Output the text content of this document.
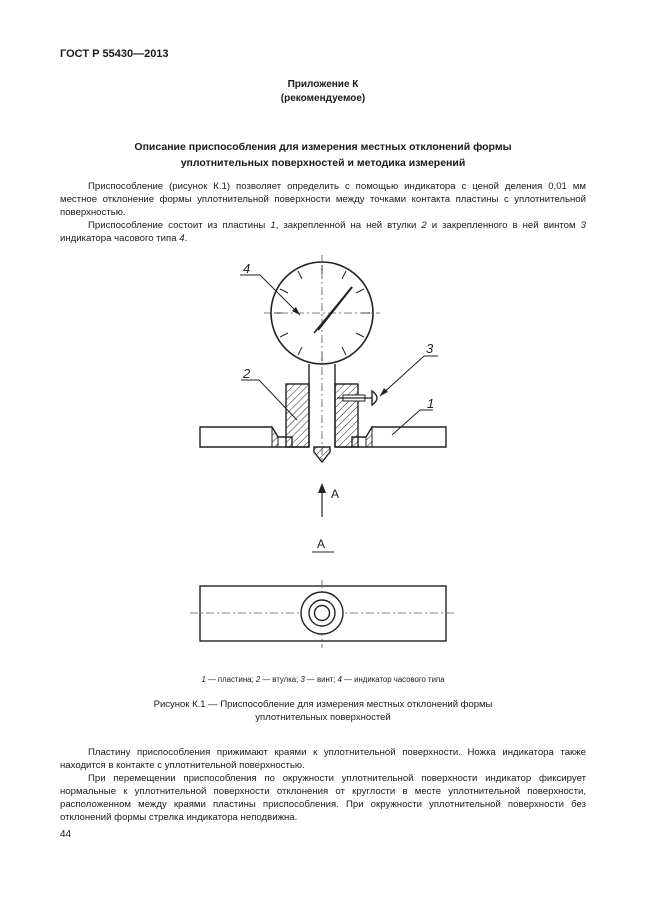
ГОСТ Р 55430—2013
Приложение К
(рекомендуемое)
Описание приспособления для измерения местных отклонений формы
уплотнительных поверхностей и методика измерений

Приспособление (рисунок К.1) позволяет определить с помощью индикатора с ценой деления 0,01 мм местное отклонение формы уплотнительной поверхности между точками контакта пластины с уплотнительной поверхностью.

Приспособление состоит из пластины 1, закрепленной на ней втулки 2 и закрепленного в ней винтом 3 индикатора часового типа 4.

4
3
2
1
A
A
1 — пластина; 2 — втулка; 3 — винт; 4 — индикатор часового типа
Рисунок К.1 — Приспособление для измерения местных отклонений формы
уплотнительных поверхностей

Пластину приспособления прижимают краями к уплотнительной поверхности. Ножка индикатора также находится в контакте с уплотнительной поверхностью.

При перемещении приспособления по окружности уплотнительной поверхности индикатор фиксирует нормальные к уплотнительной поверхности отклонения от круглости в месте уплотнительной поверхности, расположенном между краями пластины приспособления. При окружности уплотнительной поверхности без отклонений формы стрелка индикатора неподвижна.

44
